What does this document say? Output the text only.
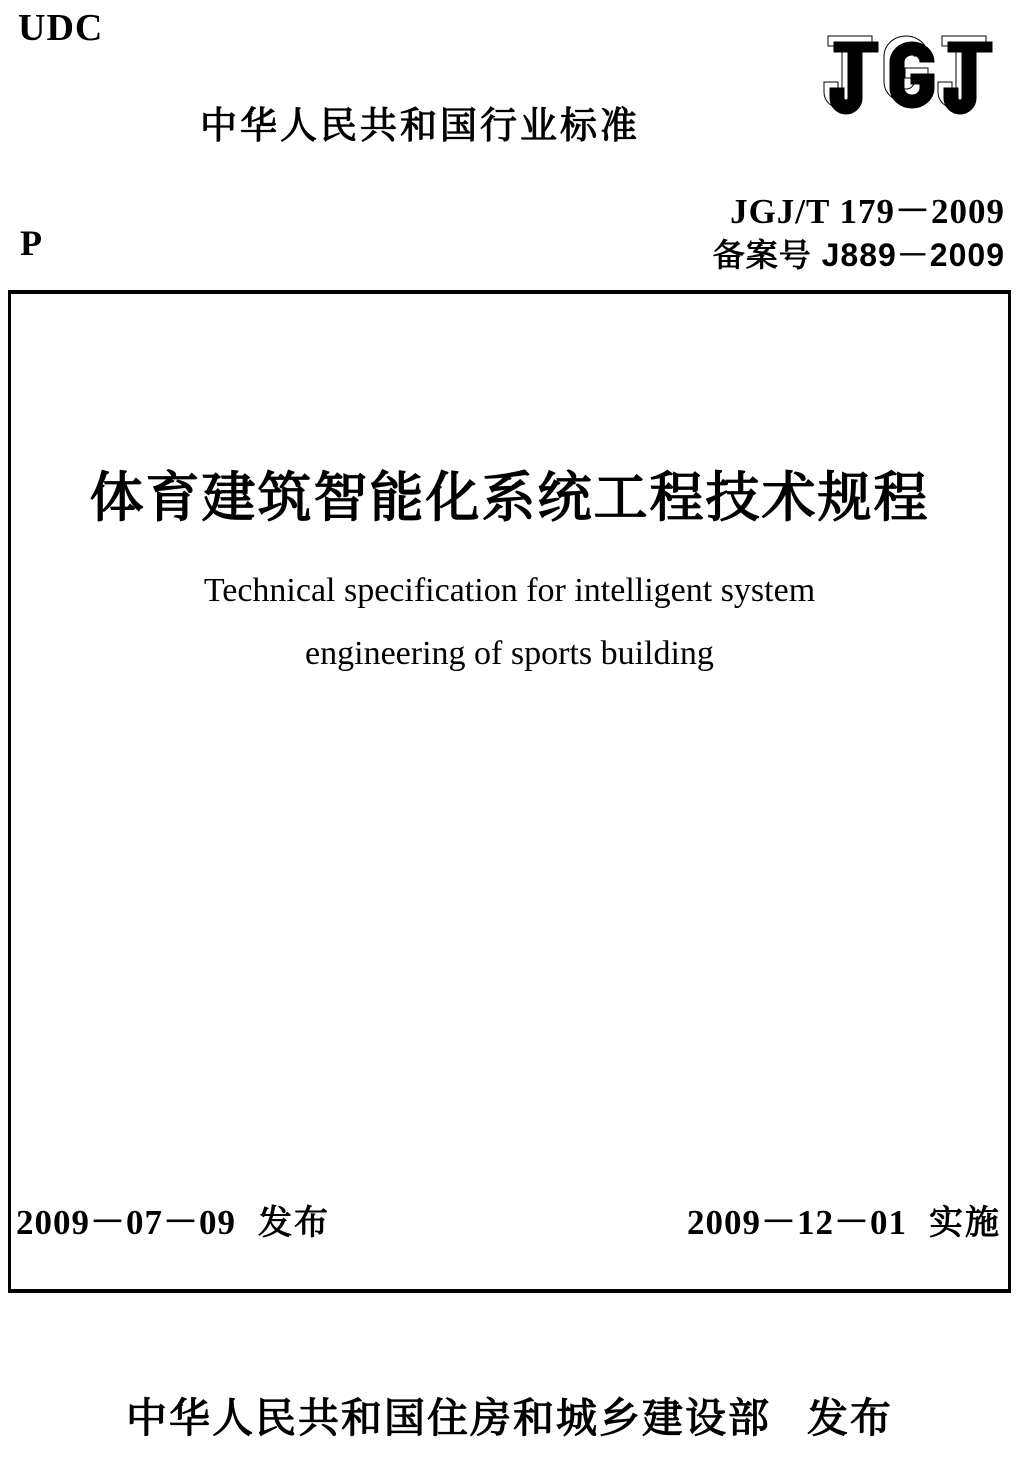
UDC
中华人民共和国行业标准
JGJ/T 179－2009
备案号 J889－2009
P
体育建筑智能化系统工程技术规程
Technical specification for intelligent system
engineering of sports building
2009－07－09 发布	2009－12－01 实施
中华人民共和国住房和城乡建设部 发布
